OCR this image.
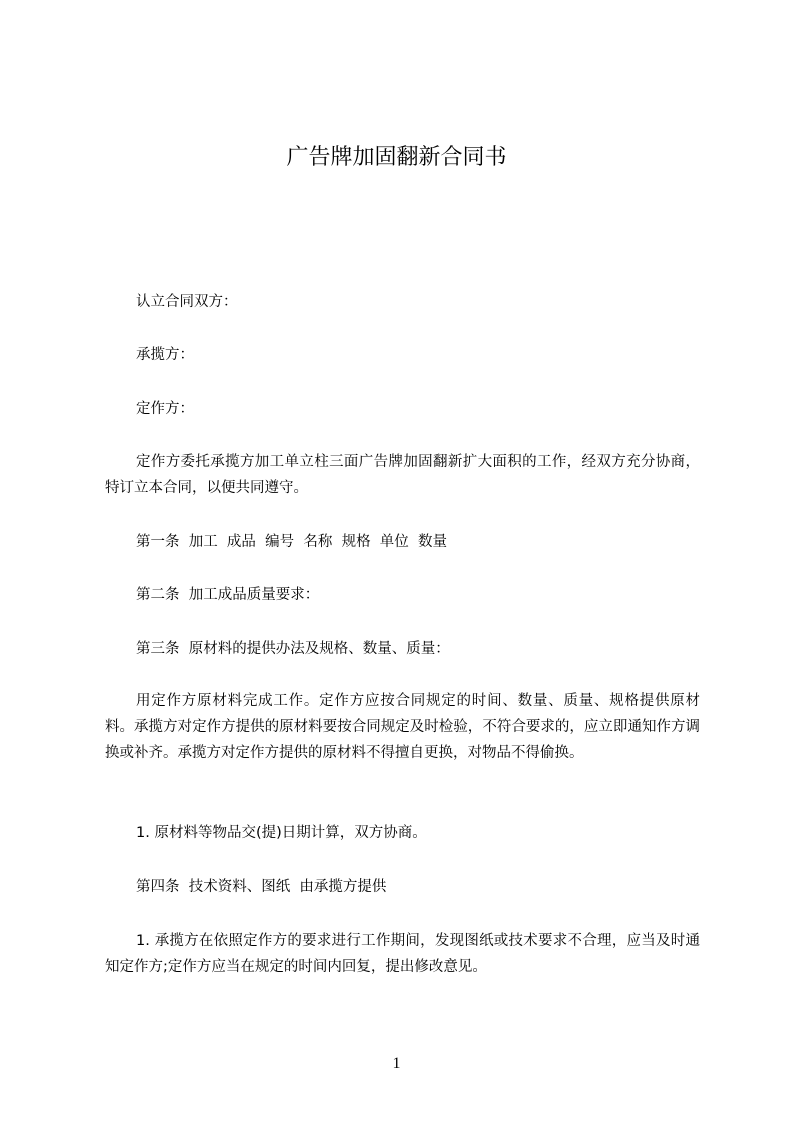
广告牌加固翻新合同书
认立合同双方：
承揽方：
定作方：
定作方委托承揽方加工单立柱三面广告牌加固翻新扩大面积的工作，经双方充分协商，特订立本合同，以便共同遵守。
第一条  加工  成品  编号  名称  规格  单位  数量
第二条  加工成品质量要求：
第三条  原材料的提供办法及规格、数量、质量：
用定作方原材料完成工作。定作方应按合同规定的时间、数量、质量、规格提供原材料。承揽方对定作方提供的原材料要按合同规定及时检验，不符合要求的，应立即通知作方调换或补齐。承揽方对定作方提供的原材料不得擅自更换，对物品不得偷换。
1. 原材料等物品交(提)日期计算，双方协商。
第四条  技术资料、图纸  由承揽方提供
1. 承揽方在依照定作方的要求进行工作期间，发现图纸或技术要求不合理，应当及时通知定作方;定作方应当在规定的时间内回复，提出修改意见。
1
